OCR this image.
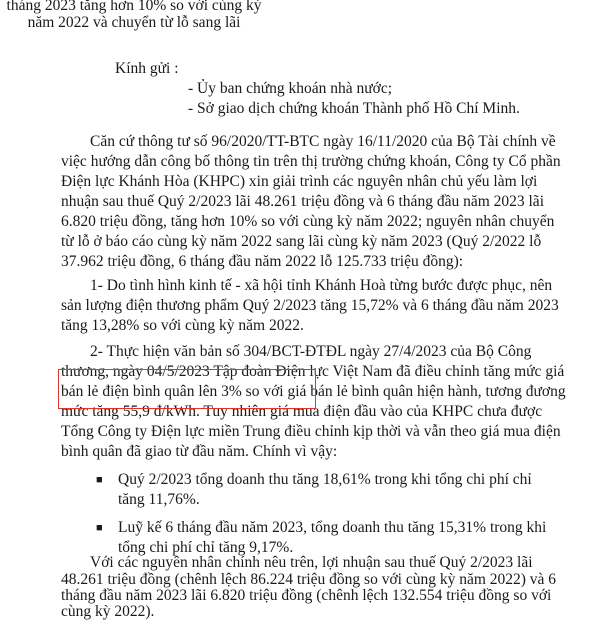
tháng 2023 tăng hơn 10% so với cùng kỳ
năm 2022 và chuyển từ lỗ sang lãi
Kính gửi :
- Ủy ban chứng khoán nhà nước;
- Sở giao dịch chứng khoán Thành phố Hồ Chí Minh.
Căn cứ thông tư số 96/2020/TT-BTC ngày 16/11/2020 của Bộ Tài chính về
việc hướng dẫn công bố thông tin trên thị trường chứng khoán, Công ty Cổ phần
Điện lực Khánh Hòa (KHPC) xin giải trình các nguyên nhân chủ yếu làm lợi
nhuận sau thuế Quý 2/2023 lãi 48.261 triệu đồng và 6 tháng đầu năm 2023 lãi
6.820 triệu đồng, tăng hơn 10% so với cùng kỳ năm 2022; nguyên nhân chuyển
từ lỗ ở báo cáo cùng kỳ năm 2022 sang lãi cùng kỳ năm 2023 (Quý 2/2022 lỗ
37.962 triệu đồng, 6 tháng đầu năm 2022 lỗ 125.733 triệu đồng):
1- Do tình hình kinh tế - xã hội tỉnh Khánh Hoà từng bước được phục, nên
sản lượng điện thương phẩm Quý 2/2023 tăng 15,72% và 6 tháng đầu năm 2023
tăng 13,28% so với cùng kỳ năm 2022.
2- Thực hiện văn bản số 304/BCT-ĐTĐL ngày 27/4/2023 của Bộ Công
thương, ngày 04/5/2023 Tập đoàn Điện lực Việt Nam đã điều chỉnh tăng mức giá
bán lẻ điện bình quân lên 3% so với giá bán lẻ bình quân hiện hành, tương đương
mức tăng 55,9 đ/kWh. Tuy nhiên giá mua điện đầu vào của KHPC chưa được
Tổng Công ty Điện lực miền Trung điều chỉnh kịp thời và vẫn theo giá mua điện
bình quân đã giao từ đầu năm. Chính vì vậy:
■ Quý 2/2023 tổng doanh thu tăng 18,61% trong khi tổng chi phí chỉ
tăng 11,76%.
■ Luỹ kế 6 tháng đầu năm 2023, tổng doanh thu tăng 15,31% trong khi
tổng chi phí chỉ tăng 9,17%.
Với các nguyên nhân chính nêu trên, lợi nhuận sau thuế Quý 2/2023 lãi
48.261 triệu đồng (chênh lệch 86.224 triệu đồng so với cùng kỳ năm 2022) và 6
tháng đầu năm 2023 lãi 6.820 triệu đồng (chênh lệch 132.554 triệu đồng so với
cùng kỳ 2022).
